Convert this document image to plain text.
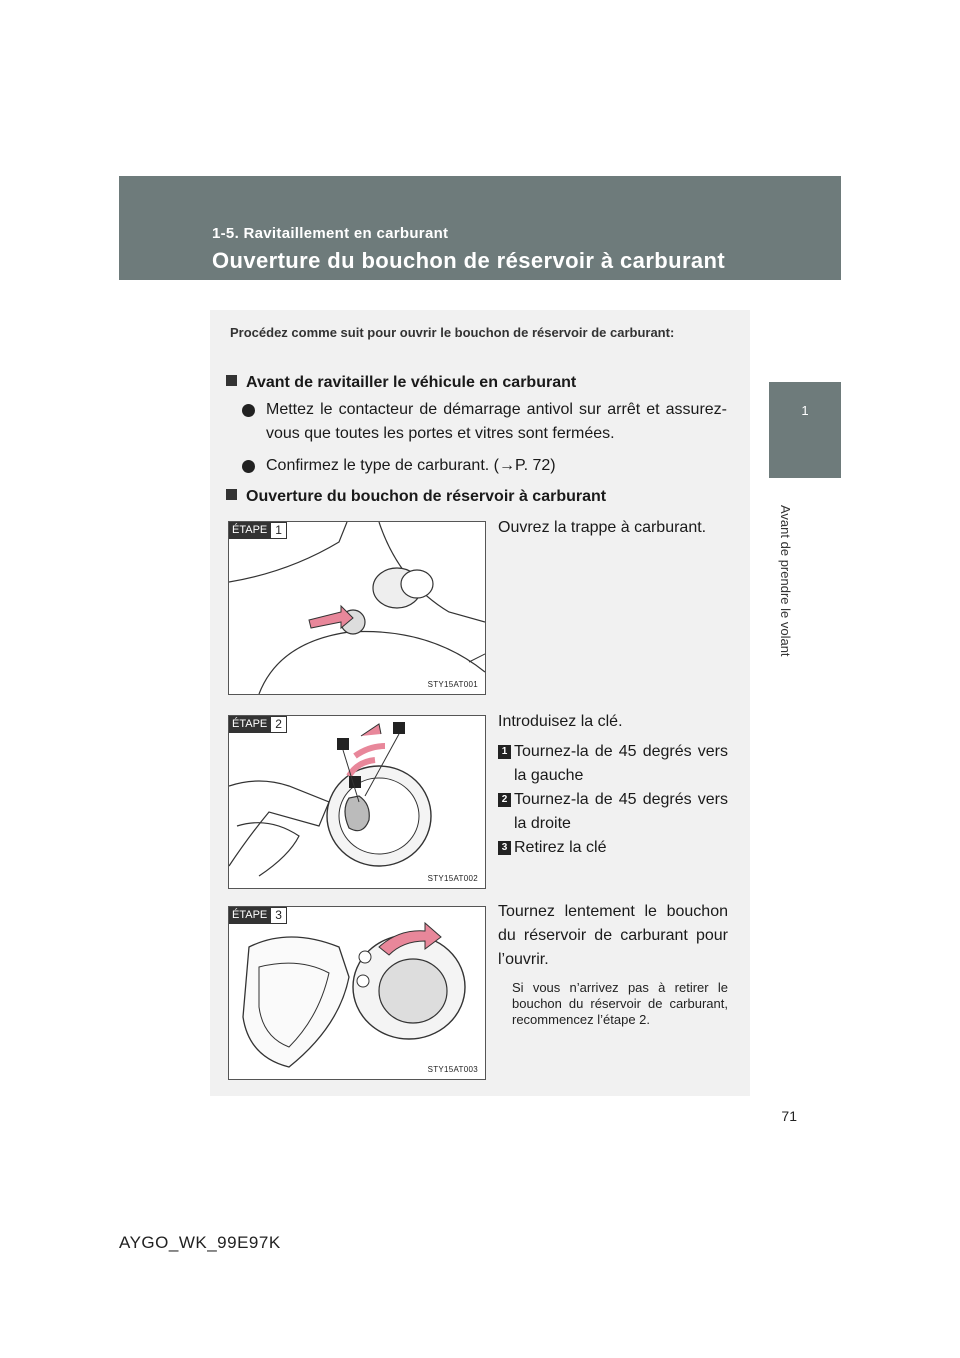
1-5. Ravitaillement en carburant
Ouverture du bouchon de réservoir à carburant
1
Avant de prendre le volant
Procédez comme suit pour ouvrir le bouchon de réservoir de carburant:
Avant de ravitailler le véhicule en carburant
Mettez le contacteur de démarrage antivol sur arrêt et assurez-vous que toutes les portes et vitres sont fermées.
Confirmez le type de carburant. (→P. 72)
Ouverture du bouchon de réservoir à carburant
ÉTAPE 1
STY15AT001
Ouvrez la trappe à carburant.
ÉTAPE 2
STY15AT002
Introduisez la clé.
1 Tournez-la de 45 degrés vers la gauche
2 Tournez-la de 45 degrés vers la droite
3 Retirez la clé
ÉTAPE 3
STY15AT003
Tournez lentement le bouchon du réservoir de carburant pour l’ouvrir.
Si vous n’arrivez pas à retirer le bouchon du réservoir de carburant, recommencez l’étape 2.
71
AYGO_WK_99E97K
